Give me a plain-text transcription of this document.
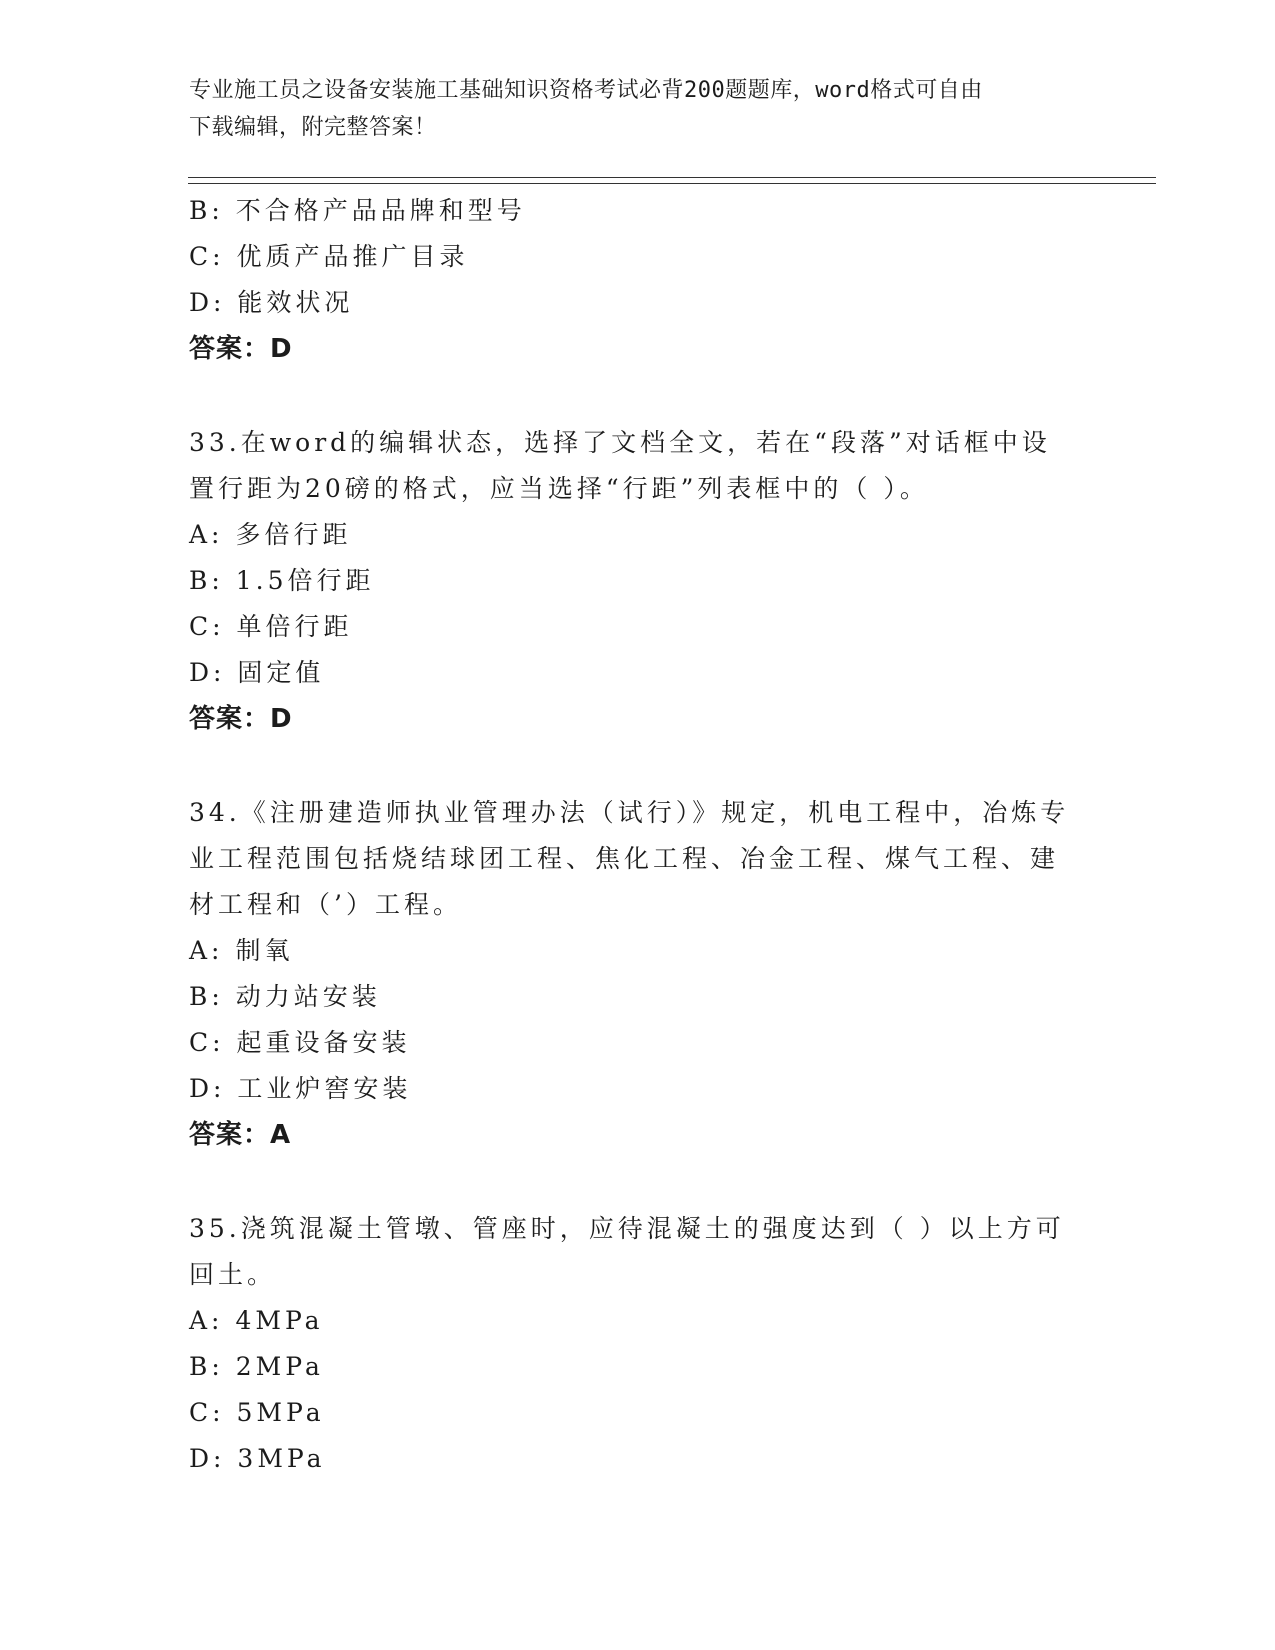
专业施工员之设备安装施工基础知识资格考试必背200题题库，word格式可自由
下载编辑，附完整答案！
B: 不合格产品品牌和型号
C: 优质产品推广目录
D: 能效状况
答案：D
33.在word的编辑状态，选择了文档全文，若在“段落”对话框中设
置行距为20磅的格式，应当选择“行距”列表框中的（ ）。
A: 多倍行距
B: 1.5倍行距
C: 单倍行距
D: 固定值
答案：D
34.《注册建造师执业管理办法（试行）》规定，机电工程中，冶炼专
业工程范围包括烧结球团工程、焦化工程、冶金工程、煤气工程、建
材工程和（’）工程。
A: 制氧
B: 动力站安装
C: 起重设备安装
D: 工业炉窖安装
答案：A
35.浇筑混凝土管墩、管座时，应待混凝土的强度达到（ ）以上方可
回土。
A: 4MPa
B: 2MPa
C: 5MPa
D: 3MPa
